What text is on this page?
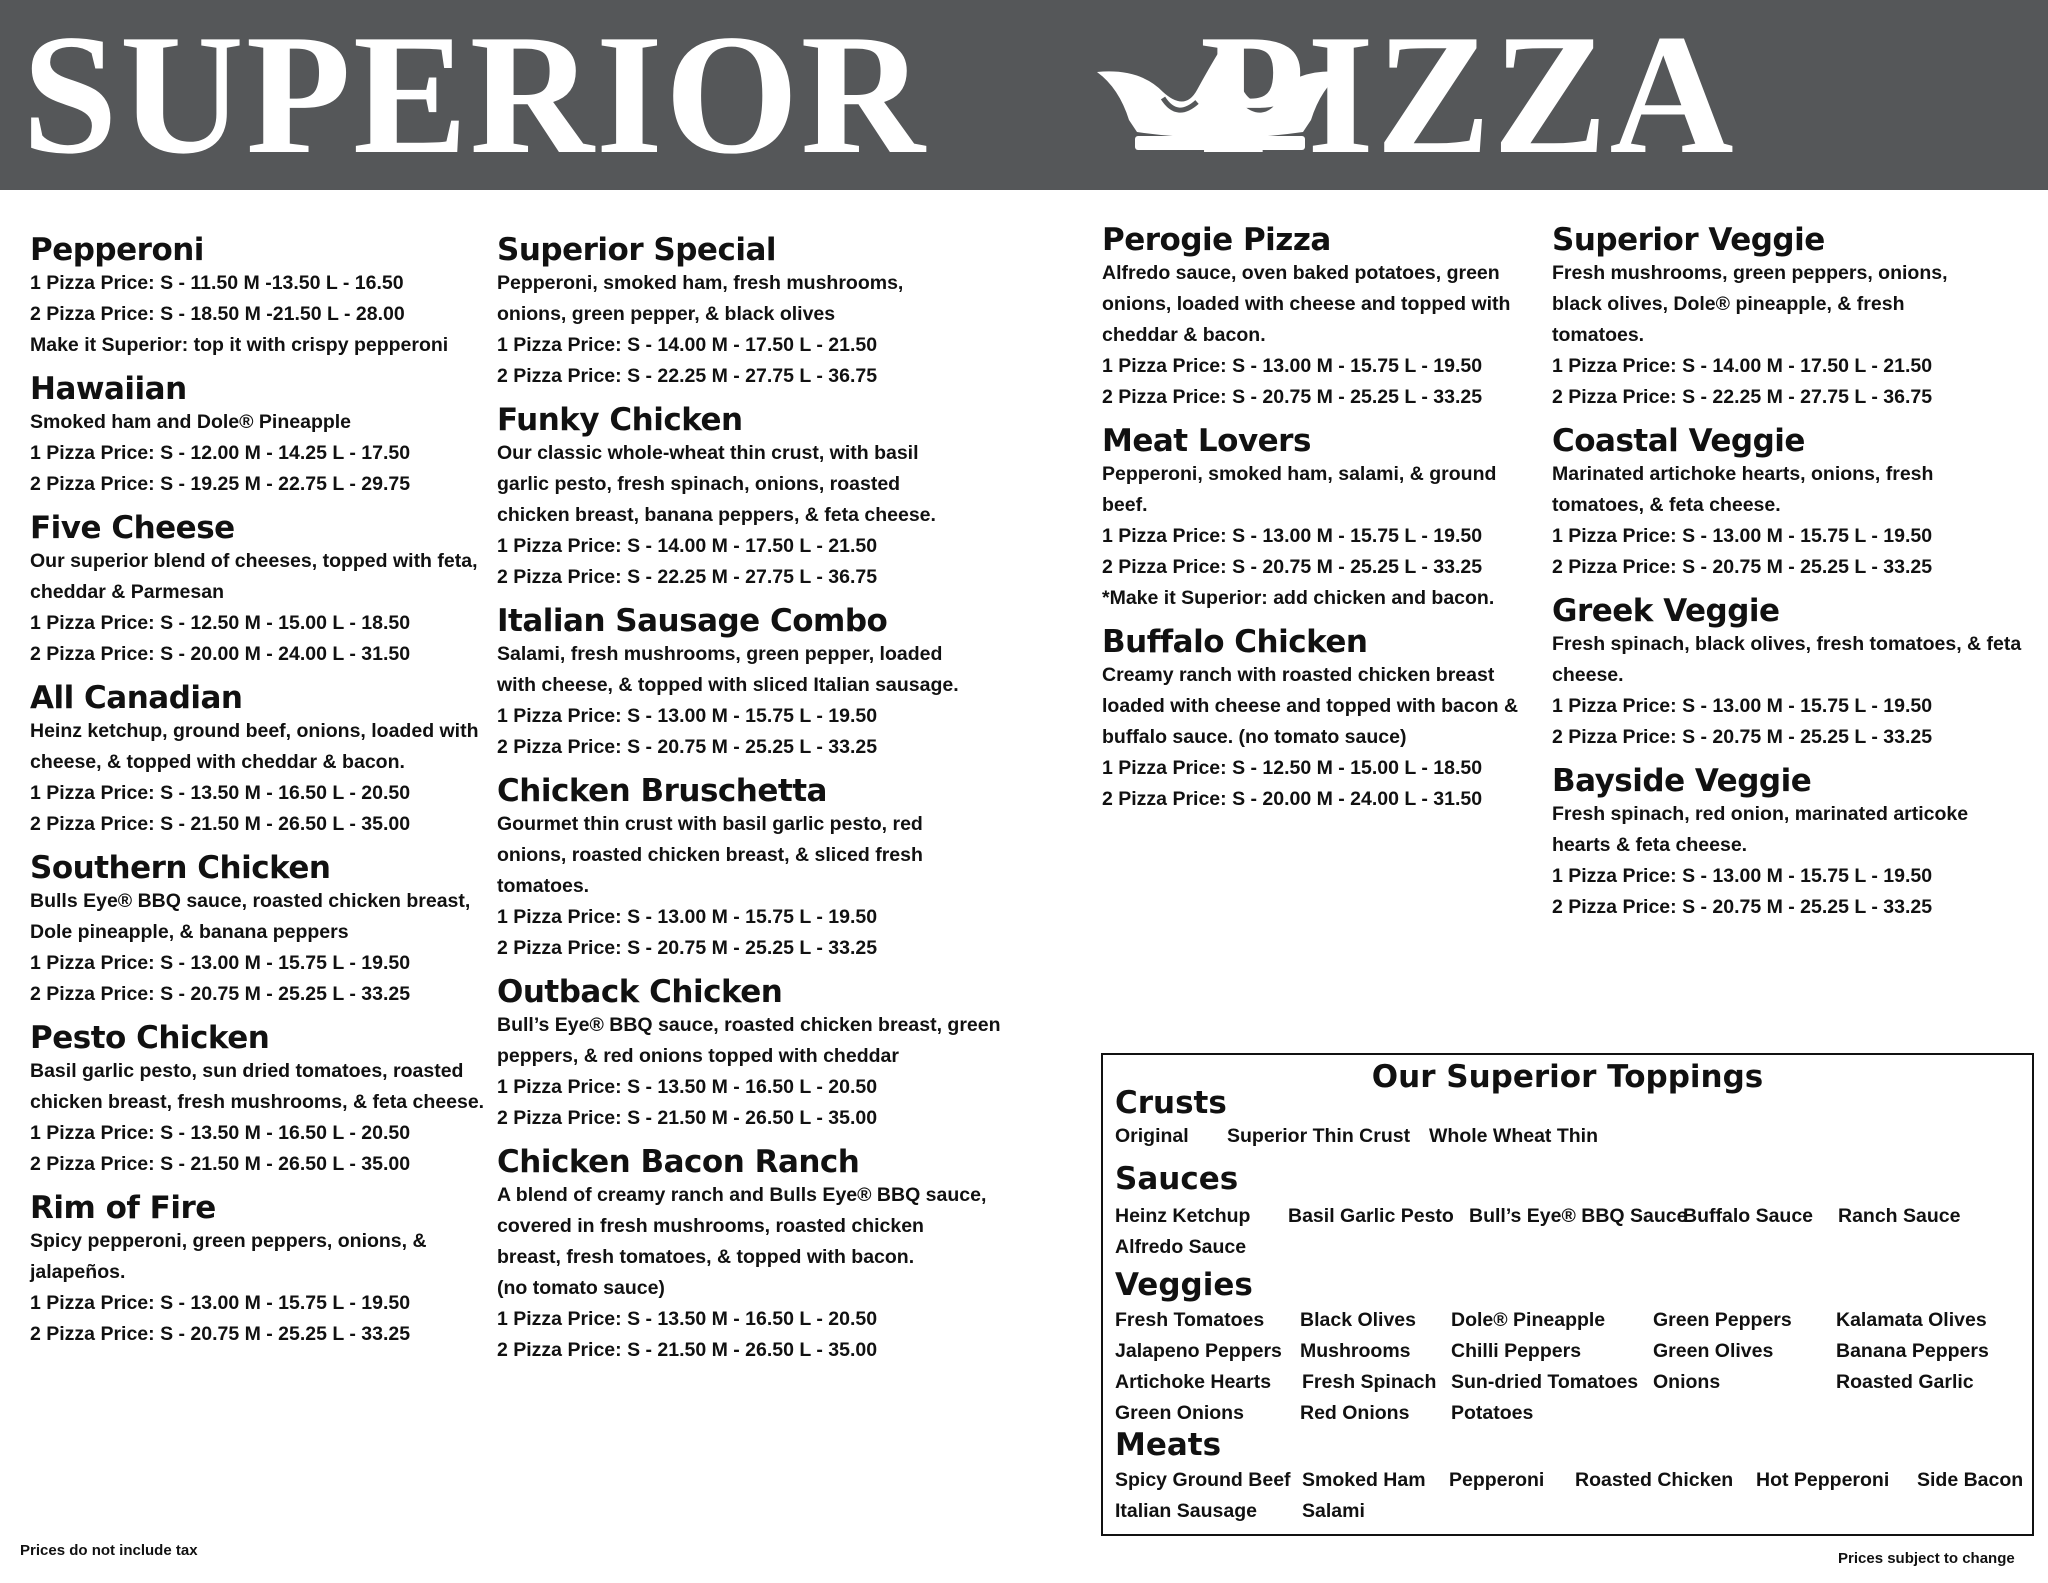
SUPERIOR PIZZA
Pepperoni
1 Pizza Price: S - 11.50 M -13.50 L - 16.50
2 Pizza Price: S - 18.50 M -21.50 L - 28.00
Make it Superior: top it with crispy pepperoni
Hawaiian
Smoked ham and Dole® Pineapple
1 Pizza Price: S - 12.00 M - 14.25 L - 17.50
2 Pizza Price: S - 19.25 M - 22.75 L - 29.75
Five Cheese
Our superior blend of cheeses, topped with feta,
cheddar & Parmesan
1 Pizza Price: S - 12.50 M - 15.00 L - 18.50
2 Pizza Price: S - 20.00 M - 24.00 L - 31.50
All Canadian
Heinz ketchup, ground beef, onions, loaded with
cheese, & topped with cheddar & bacon.
1 Pizza Price: S - 13.50 M - 16.50 L - 20.50
2 Pizza Price: S - 21.50 M - 26.50 L - 35.00
Southern Chicken
Bulls Eye® BBQ sauce, roasted chicken breast,
Dole pineapple, & banana peppers
1 Pizza Price: S - 13.00 M - 15.75 L - 19.50
2 Pizza Price: S - 20.75 M - 25.25 L - 33.25
Pesto Chicken
Basil garlic pesto, sun dried tomatoes, roasted
chicken breast, fresh mushrooms, & feta cheese.
1 Pizza Price: S - 13.50 M - 16.50 L - 20.50
2 Pizza Price: S - 21.50 M - 26.50 L - 35.00
Rim of Fire
Spicy pepperoni, green peppers, onions, &
jalapeños.
1 Pizza Price: S - 13.00 M - 15.75 L - 19.50
2 Pizza Price: S - 20.75 M - 25.25 L - 33.25
Superior Special
Pepperoni, smoked ham, fresh mushrooms,
onions, green pepper, & black olives
1 Pizza Price: S - 14.00 M - 17.50 L - 21.50
2 Pizza Price: S - 22.25 M - 27.75 L - 36.75
Funky Chicken
Our classic whole-wheat thin crust, with basil
garlic pesto, fresh spinach, onions, roasted
chicken breast, banana peppers, & feta cheese.
1 Pizza Price: S - 14.00 M - 17.50 L - 21.50
2 Pizza Price: S - 22.25 M - 27.75 L - 36.75
Italian Sausage Combo
Salami, fresh mushrooms, green pepper, loaded
with cheese, & topped with sliced Italian sausage.
1 Pizza Price: S - 13.00 M - 15.75 L - 19.50
2 Pizza Price: S - 20.75 M - 25.25 L - 33.25
Chicken Bruschetta
Gourmet thin crust with basil garlic pesto, red
onions, roasted chicken breast, & sliced fresh
tomatoes.
1 Pizza Price: S - 13.00 M - 15.75 L - 19.50
2 Pizza Price: S - 20.75 M - 25.25 L - 33.25
Outback Chicken
Bull’s Eye® BBQ sauce, roasted chicken breast, green
peppers, & red onions topped with cheddar
1 Pizza Price: S - 13.50 M - 16.50 L - 20.50
2 Pizza Price: S - 21.50 M - 26.50 L - 35.00
Chicken Bacon Ranch
A blend of creamy ranch and Bulls Eye® BBQ sauce,
covered in fresh mushrooms, roasted chicken
breast, fresh tomatoes, & topped with bacon.
(no tomato sauce)
1 Pizza Price: S - 13.50 M - 16.50 L - 20.50
2 Pizza Price: S - 21.50 M - 26.50 L - 35.00
Perogie Pizza
Alfredo sauce, oven baked potatoes, green
onions, loaded with cheese and topped with
cheddar & bacon.
1 Pizza Price: S - 13.00 M - 15.75 L - 19.50
2 Pizza Price: S - 20.75 M - 25.25 L - 33.25
Meat Lovers
Pepperoni, smoked ham, salami, & ground
beef.
1 Pizza Price: S - 13.00 M - 15.75 L - 19.50
2 Pizza Price: S - 20.75 M - 25.25 L - 33.25
*Make it Superior: add chicken and bacon.
Buffalo Chicken
Creamy ranch with roasted chicken breast
loaded with cheese and topped with bacon &
buffalo sauce. (no tomato sauce)
1 Pizza Price: S - 12.50 M - 15.00 L - 18.50
2 Pizza Price: S - 20.00 M - 24.00 L - 31.50
Superior Veggie
Fresh mushrooms, green peppers, onions,
black olives, Dole® pineapple, & fresh
tomatoes.
1 Pizza Price: S - 14.00 M - 17.50 L - 21.50
2 Pizza Price: S - 22.25 M - 27.75 L - 36.75
Coastal Veggie
Marinated artichoke hearts, onions, fresh
tomatoes, & feta cheese.
1 Pizza Price: S - 13.00 M - 15.75 L - 19.50
2 Pizza Price: S - 20.75 M - 25.25 L - 33.25
Greek Veggie
Fresh spinach, black olives, fresh tomatoes, & feta
cheese.
1 Pizza Price: S - 13.00 M - 15.75 L - 19.50
2 Pizza Price: S - 20.75 M - 25.25 L - 33.25
Bayside Veggie
Fresh spinach, red onion, marinated articoke
hearts & feta cheese.
1 Pizza Price: S - 13.00 M - 15.75 L - 19.50
2 Pizza Price: S - 20.75 M - 25.25 L - 33.25
Our Superior Toppings
Crusts
Original Superior Thin Crust Whole Wheat Thin
Sauces
Heinz Ketchup Basil Garlic Pesto Bull’s Eye® BBQ Sauce
Buffalo Sauce Ranch Sauce
Alfredo Sauce
Veggies
Fresh Tomatoes Black Olives Dole® Pineapple Green Peppers Kalamata Olives
Jalapeno Peppers Mushrooms Chilli Peppers	Green Olives	Banana Peppers
Artichoke Hearts Fresh Spinach Sun-dried Tomatoes Onions	Roasted Garlic
Green Onions	Red Onions Potatoes
Meats
Spicy Ground Beef Smoked Ham Pepperoni Roasted Chicken Hot Pepperoni Side Bacon
Italian Sausage Salami
Prices do not include tax	Prices subject to change
